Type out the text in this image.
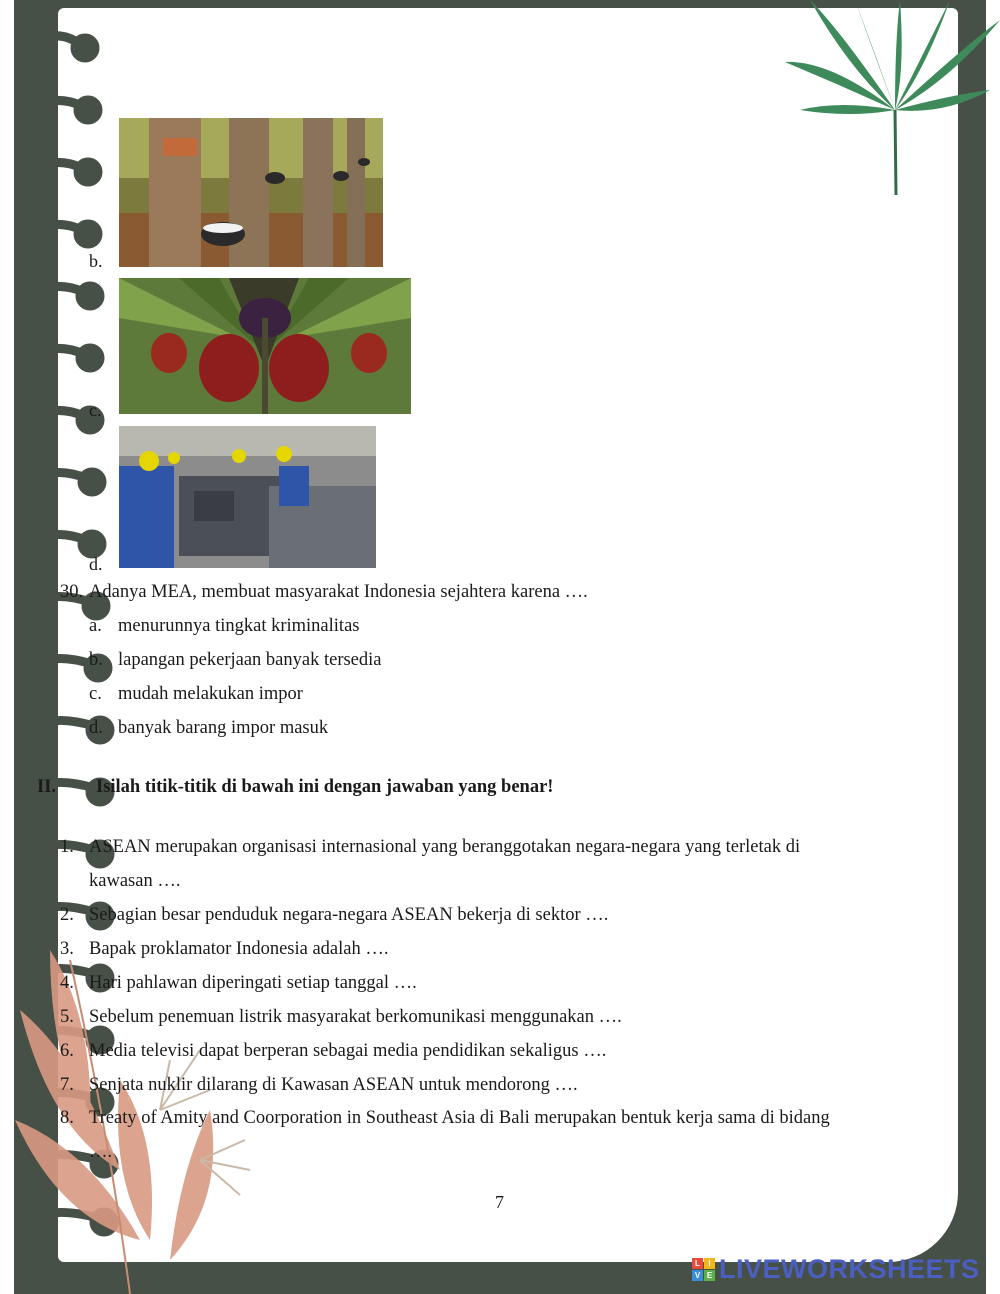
b.
c.
d.
30. Adanya MEA, membuat masyarakat Indonesia sejahtera karena ….
a. menurunnya tingkat kriminalitas
b. lapangan pekerjaan banyak tersedia
c. mudah melakukan impor
d. banyak barang impor masuk
II. Isilah titik-titik di bawah ini dengan jawaban yang benar!
1. ASEAN merupakan organisasi internasional yang beranggotakan negara-negara yang terletak di
kawasan ….
2. Sebagian besar penduduk negara-negara ASEAN bekerja di sektor ….
3. Bapak proklamator Indonesia adalah ….
4. Hari pahlawan diperingati setiap tanggal ….
5. Sebelum penemuan listrik masyarakat berkomunikasi menggunakan ….
6. Media televisi dapat berperan sebagai media pendidikan sekaligus ….
7. Senjata nuklir dilarang di Kawasan ASEAN untuk mendorong ….
8. Treaty of Amity and Coorporation in Southeast Asia di Bali merupakan bentuk kerja sama di bidang
….
7
L	I
V E LIVEWORKSHEETS
